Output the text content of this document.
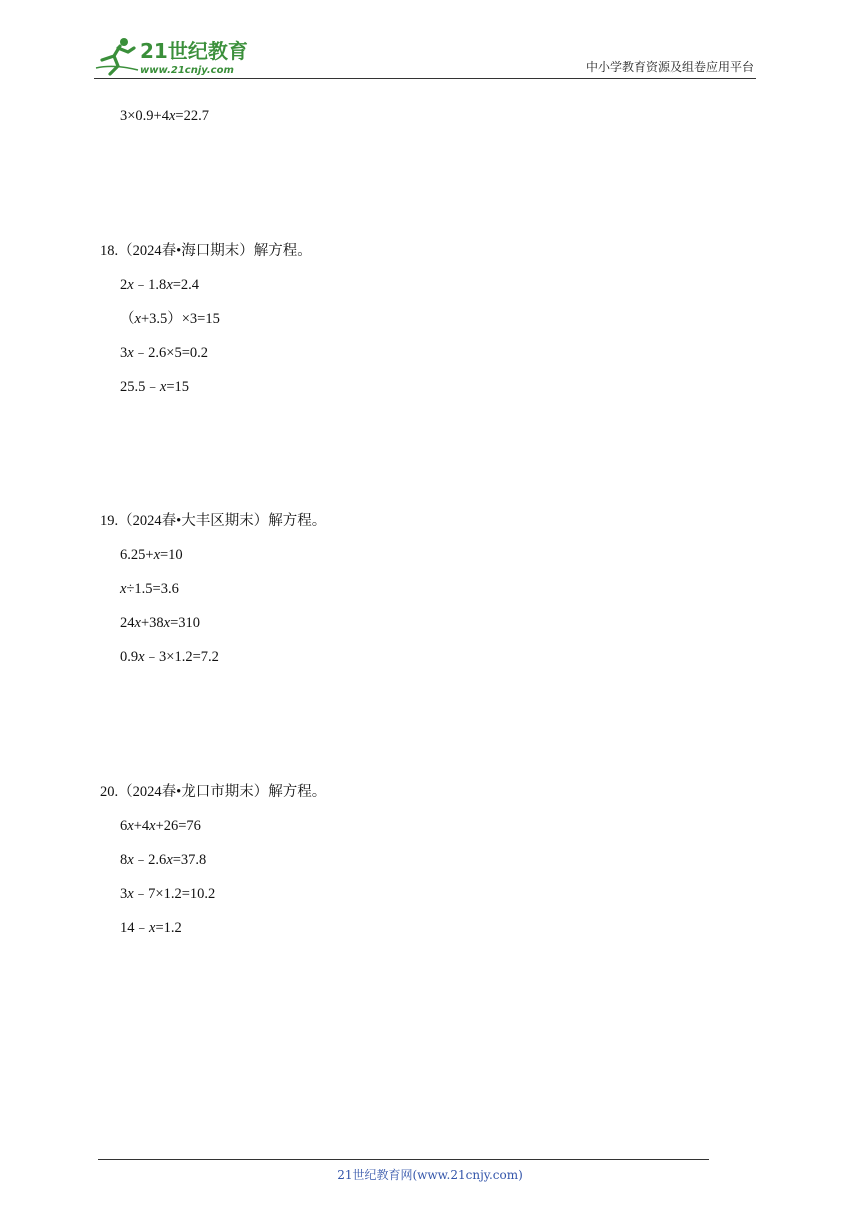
21世纪教育
www.21cnjy.com	中小学教育资源及组卷应用平台
3×0.9+4x=22.7
18.（2024春•海口期末）解方程。
2x﹣1.8x=2.4
（x+3.5）×3=15
3x﹣2.6×5=0.2
25.5﹣x=15
19.（2024春•大丰区期末）解方程。
6.25+x=10
x÷1.5=3.6
24x+38x=310
0.9x﹣3×1.2=7.2
20.（2024春•龙口市期末）解方程。
6x+4x+26=76
8x﹣2.6x=37.8
3x﹣7×1.2=10.2
14﹣x=1.2
21世纪教育网(www.21cnjy.com)
